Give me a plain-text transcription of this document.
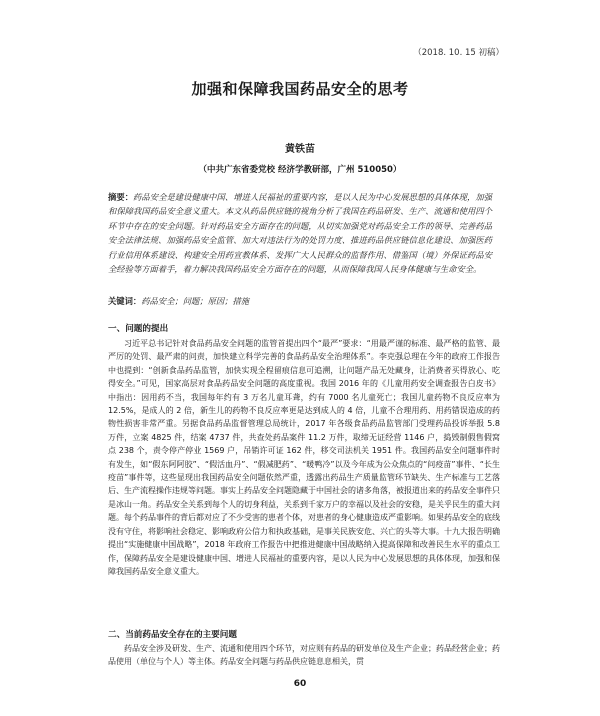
（2018. 10. 15 初稿）
加强和保障我国药品安全的思考
黄铁苗
（中共广东省委党校 经济学教研部，广州 510050）
摘要：药品安全是建设健康中国、增进人民福祉的重要内容，是以人民为中心发展思想的具体体现，加强和保障我国药品安全意义重大。本文从药品供应链的视角分析了我国在药品研发、生产、流通和使用四个环节中存在的安全问题。针对药品安全方面存在的问题，从切实加强党对药品安全工作的领导、完善药品安全法律法规、加强药品安全监管、加大对违法行为的处罚力度、推进药品供应链信息化建设、加强医药行业信用体系建设、构建安全用药宣教体系、发挥广大人民群众的监督作用、借鉴国（境）外保证药品安全经验等方面着手，着力解决我国药品安全方面存在的问题，从而保障我国人民身体健康与生命安全。
关键词：药品安全；问题；原因；措施
一、问题的提出

习近平总书记针对食品药品安全问题的监管首提出四个“最严”要求：“用最严谨的标准、最严格的监管、最严厉的处罚、最严肃的问责，加快建立科学完善的食品药品安全治理体系”。李克强总理在今年的政府工作报告中也提到：“创新食品药品监管，加快实现全程留痕信息可追溯，让问题产品无处藏身，让消费者买得放心、吃得安全。”可见，国家高层对食品药品安全问题的高度重视。我国 2016 年的《儿童用药安全调查报告白皮书》中指出：因用药不当，我国每年约有 3 万名儿童耳聋，约有 7000 名儿童死亡；我国儿童药物不良反应率为 12.5%，是成人的 2 倍，新生儿的药物不良反应率更是达到成人的 4 倍，儿童不合理用药、用药错误造成的药物性损害非常严重。另据食品药品监督管理总局统计，2017 年各级食品药品监管部门受理药品投诉举报 5.8 万件，立案 4825 件，结案 4737 件，共查处药品案件 11.2 万件，取缔无证经营 1146 户，捣毁制假售假窝点 238 个，责令停产停业 1569 户，吊销许可证 162 件，移交司法机关 1951 件。我国药品安全问题事件时有发生，如“假东阿阿胶”、“假活血丹”、“假减肥药”、“暖鸭冷”以及今年成为公众焦点的“问疫苗”事件、“长生疫苗”事件等，这些显现出我国药品安全问题依然严重，透露出药品生产质量监管环节缺失、生产标准与工艺落后、生产流程操作违规等问题。事实上药品安全问题隐藏于中国社会的诸多角落，被报道出来的药品安全事件只是冰山一角。药品安全关系到每个人的切身利益，关系到千家万户的幸福以及社会的安稳，是关乎民生的重大问题。每个药品事件的背后都对应了不少受害的患者个体，对患者的身心健康造成严重影响。如果药品安全的底线没有守住，将影响社会稳定、影响政府公信力和执政基础，是事关民族安危、兴亡的头等大事。十九大报告明确提出“实施健康中国战略”，2018 年政府工作报告中把推进健康中国战略纳入提高保障和改善民生水平的重点工作，保障药品安全是建设健康中国、增进人民福祉的重要内容，是以人民为中心发展思想的具体体现，加强和保障我国药品安全意义重大。

二、当前药品安全存在的主要问题

药品安全涉及研发、生产、流通和使用四个环节，对应则有药品的研发单位及生产企业；药品经营企业；药品使用（单位与个人）等主体。药品安全问题与药品供应链息息相关，贯

60
